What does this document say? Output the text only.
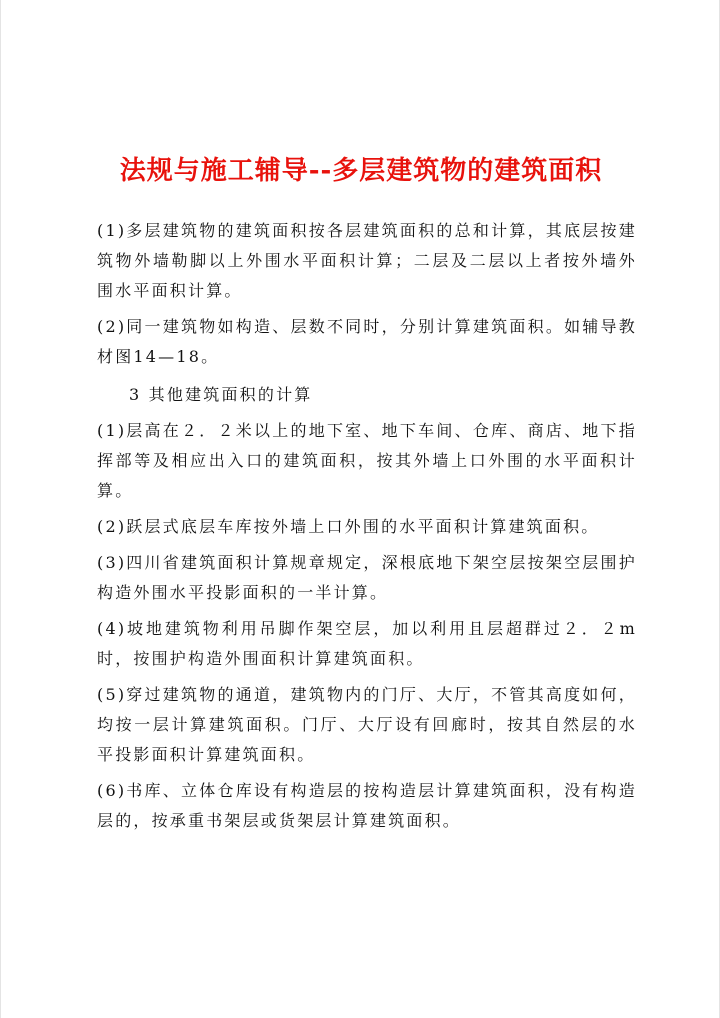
法规与施工辅导--多层建筑物的建筑面积

(1)多层建筑物的建筑面积按各层建筑面积的总和计算，其底层按建筑物外墙勒脚以上外围水平面积计算；二层及二层以上者按外墙外围水平面积计算。

(2)同一建筑物如构造、层数不同时，分别计算建筑面积。如辅导教材图14—18。

3 其他建筑面积的计算

(1)层高在２．２米以上的地下室、地下车间、仓库、商店、地下指挥部等及相应出入口的建筑面积，按其外墙上口外围的水平面积计算。

(2)跃层式底层车库按外墙上口外围的水平面积计算建筑面积。

(3)四川省建筑面积计算规章规定，深根底地下架空层按架空层围护构造外围水平投影面积的一半计算。

(4)坡地建筑物利用吊脚作架空层，加以利用且层超群过２．２m时，按围护构造外围面积计算建筑面积。

(5)穿过建筑物的通道，建筑物内的门厅、大厅，不管其高度如何，均按一层计算建筑面积。门厅、大厅设有回廊时，按其自然层的水平投影面积计算建筑面积。

(6)书库、立体仓库设有构造层的按构造层计算建筑面积，没有构造层的，按承重书架层或货架层计算建筑面积。
